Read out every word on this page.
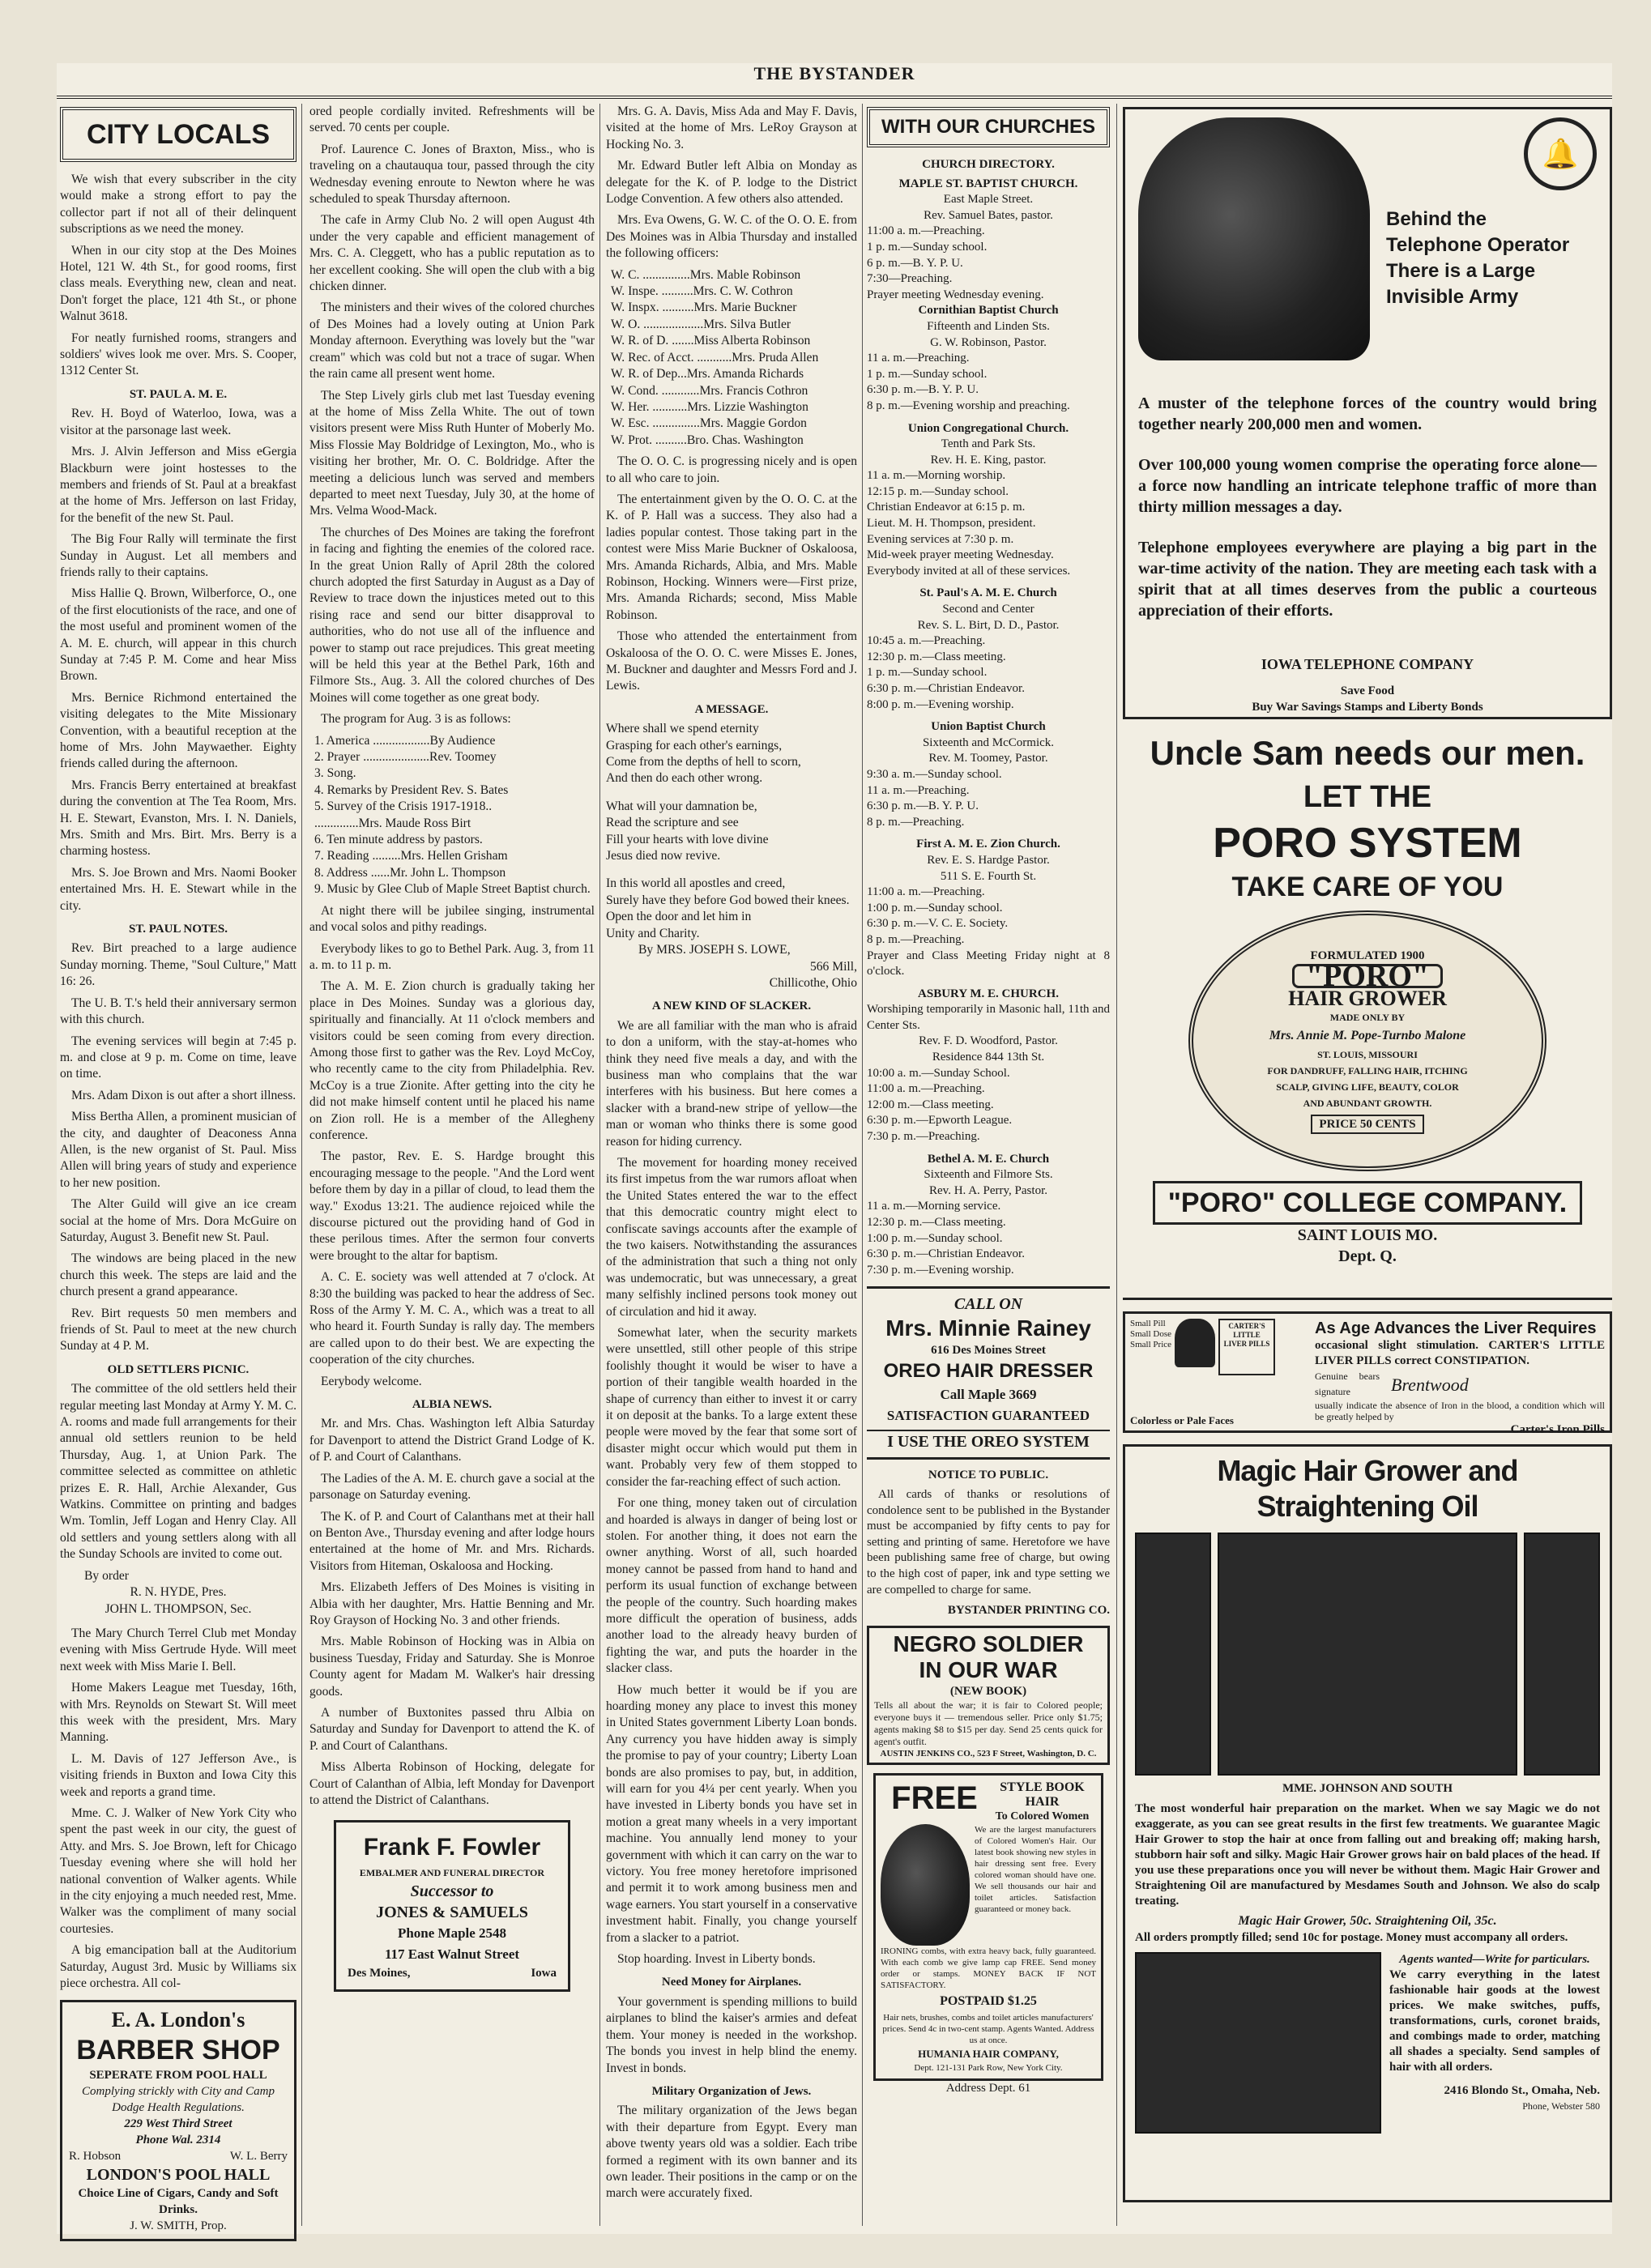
THE BYSTANDER
CITY LOCALS

We wish that every subscriber in the city would make a strong effort to pay the collector part if not all of their delinquent subscriptions as we need the money.

When in our city stop at the Des Moines Hotel, 121 W. 4th St., for good rooms, first class meals. Everything new, clean and neat. Don't forget the place, 121 4th St., or phone Walnut 3618.

For neatly furnished rooms, strangers and soldiers' wives look me over. Mrs. S. Cooper, 1312 Center St.

ST. PAUL A. M. E.

Rev. H. Boyd of Waterloo, Iowa, was a visitor at the parsonage last week.

Mrs. J. Alvin Jefferson and Miss eGergia Blackburn were joint hostesses to the members and friends of St. Paul at a breakfast at the home of Mrs. Jefferson on last Friday, for the benefit of the new St. Paul.

The Big Four Rally will terminate the first Sunday in August. Let all members and friends rally to their captains.

Miss Hallie Q. Brown, Wilberforce, O., one of the first elocutionists of the race, and one of the most useful and prominent women of the A. M. E. church, will appear in this church Sunday at 7:45 P. M. Come and hear Miss Brown.

Mrs. Bernice Richmond entertained the visiting delegates to the Mite Missionary Convention, with a beautiful reception at the home of Mrs. John Maywaether. Eighty friends called during the afternoon.

Mrs. Francis Berry entertained at breakfast during the convention at The Tea Room, Mrs. H. E. Stewart, Evanston, Mrs. I. N. Daniels, Mrs. Smith and Mrs. Birt. Mrs. Berry is a charming hostess.

Mrs. S. Joe Brown and Mrs. Naomi Booker entertained Mrs. H. E. Stewart while in the city.

ST. PAUL NOTES.

Rev. Birt preached to a large audience Sunday morning. Theme, "Soul Culture," Matt 16: 26.

The U. B. T.'s held their anniversary sermon with this church.

The evening services will begin at 7:45 p. m. and close at 9 p. m. Come on time, leave on time.

Mrs. Adam Dixon is out after a short illness.

Miss Bertha Allen, a prominent musician of the city, and daughter of Deaconess Anna Allen, is the new organist of St. Paul. Miss Allen will bring years of study and experience to her new position.

The Alter Guild will give an ice cream social at the home of Mrs. Dora McGuire on Saturday, August 3. Benefit new St. Paul.

The windows are being placed in the new church this week. The steps are laid and the church present a grand appearance.

Rev. Birt requests 50 men members and friends of St. Paul to meet at the new church Sunday at 4 P. M.

OLD SETTLERS PICNIC.

The committee of the old settlers held their regular meeting last Monday at Army Y. M. C. A. rooms and made full arrangements for their annual old settlers reunion to be held Thursday, Aug. 1, at Union Park. The committee selected as committee on athletic prizes E. R. Hall, Archie Alexander, Gus Watkins. Committee on printing and badges Wm. Tomlin, Jeff Logan and Henry Clay. All old settlers and young settlers along with all the Sunday Schools are invited to come out.

By order

R. N. HYDE, Pres.

JOHN L. THOMPSON, Sec.

The Mary Church Terrel Club met Monday evening with Miss Gertrude Hyde. Will meet next week with Miss Marie I. Bell.

Home Makers League met Tuesday, 16th, with Mrs. Reynolds on Stewart St. Will meet this week with the president, Mrs. Mary Manning.

L. M. Davis of 127 Jefferson Ave., is visiting friends in Buxton and Iowa City this week and reports a grand time.

Mme. C. J. Walker of New York City who spent the past week in our city, the guest of Atty. and Mrs. S. Joe Brown, left for Chicago Tuesday evening where she will hold her national convention of Walker agents. While in the city enjoying a much needed rest, Mme. Walker was the compliment of many social courtesies.

A big emancipation ball at the Auditorium Saturday, August 3rd. Music by Williams six piece orchestra. All col-

E. A. London's
BARBER SHOP
SEPERATE FROM POOL HALL
Complying strickly with City and Camp Dodge Health Regulations.
229 West Third Street
Phone Wal. 2314
R. Hobson	W. L. Berry
LONDON'S POOL HALL
Choice Line of Cigars, Candy and Soft Drinks.
J. W. SMITH, Prop.

ored people cordially invited. Refreshments will be served. 70 cents per couple.

Prof. Laurence C. Jones of Braxton, Miss., who is traveling on a chautauqua tour, passed through the city Wednesday evening enroute to Newton where he was scheduled to speak Thursday afternoon.

The cafe in Army Club No. 2 will open August 4th under the very capable and efficient management of Mrs. C. A. Cleggett, who has a public reputation as to her excellent cooking. She will open the club with a big chicken dinner.

The ministers and their wives of the colored churches of Des Moines had a lovely outing at Union Park Monday afternoon. Everything was lovely but the "war cream" which was cold but not a trace of sugar. When the rain came all present went home.

The Step Lively girls club met last Tuesday evening at the home of Miss Zella White. The out of town visitors present were Miss Ruth Hunter of Moberly Mo. Miss Flossie May Boldridge of Lexington, Mo., who is visiting her brother, Mr. O. C. Boldridge. After the meeting a delicious lunch was served and members departed to meet next Tuesday, July 30, at the home of Mrs. Velma Wood-Mack.

The churches of Des Moines are taking the forefront in facing and fighting the enemies of the colored race. In the great Union Rally of April 28th the colored church adopted the first Saturday in August as a Day of Review to trace down the injustices meted out to this rising race and send our bitter disapproval to authorities, who do not use all of the influence and power to stamp out race prejudices. This great meeting will be held this year at the Bethel Park, 16th and Filmore Sts., Aug. 3. All the colored churches of Des Moines will come together as one great body.

The program for Aug. 3 is as follows:

1. America ..................By Audience

2. Prayer .....................Rev. Toomey

3. Song.

4. Remarks by President Rev. S. Bates

5. Survey of the Crisis 1917-1918..

..............Mrs. Maude Ross Birt

6. Ten minute address by pastors.

7. Reading .........Mrs. Hellen Grisham

8. Address ......Mr. John L. Thompson

9. Music by Glee Club of Maple Street Baptist church.

At night there will be jubilee singing, instrumental and vocal solos and pithy readings.

Everybody likes to go to Bethel Park. Aug. 3, from 11 a. m. to 11 p. m.

The A. M. E. Zion church is gradually taking her place in Des Moines. Sunday was a glorious day, spiritually and financially. At 11 o'clock members and visitors could be seen coming from every direction. Among those first to gather was the Rev. Loyd McCoy, who recently came to the city from Philadelphia. Rev. McCoy is a true Zionite. After getting into the city he did not make himself content until he placed his name on Zion roll. He is a member of the Allegheny conference.

The pastor, Rev. E. S. Hardge brought this encouraging message to the people. "And the Lord went before them by day in a pillar of cloud, to lead them the way." Exodus 13:21. The audience rejoiced while the discourse pictured out the providing hand of God in these perilous times. After the sermon four converts were brought to the altar for baptism.

A. C. E. society was well attended at 7 o'clock. At 8:30 the building was packed to hear the address of Sec. Ross of the Army Y. M. C. A., which was a treat to all who heard it. Fourth Sunday is rally day. The members are called upon to do their best. We are expecting the cooperation of the city churches.

Eerybody welcome.

ALBIA NEWS.

Mr. and Mrs. Chas. Washington left Albia Saturday for Davenport to attend the District Grand Lodge of K. of P. and Court of Calanthans.

The Ladies of the A. M. E. church gave a social at the parsonage on Saturday evening.

The K. of P. and Court of Calanthans met at their hall on Benton Ave., Thursday evening and after lodge hours entertained at the home of Mr. and Mrs. Richards. Visitors from Hiteman, Oskaloosa and Hocking.

Mrs. Elizabeth Jeffers of Des Moines is visiting in Albia with her daughter, Mrs. Hattie Benning and Mr. Roy Grayson of Hocking No. 3 and other friends.

Mrs. Mable Robinson of Hocking was in Albia on business Tuesday, Friday and Saturday. She is Monroe County agent for Madam M. Walker's hair dressing goods.

A number of Buxtonites passed thru Albia on Saturday and Sunday for Davenport to attend the K. of P. and Court of Calanthans.

Miss Alberta Robinson of Hocking, delegate for Court of Calanthan of Albia, left Monday for Davenport to attend the District of Calanthans.

Frank F. Fowler
EMBALMER AND FUNERAL DIRECTOR
Successor to
JONES & SAMUELS
Phone Maple 2548
117 East Walnut Street
Des Moines,	Iowa

Mrs. G. A. Davis, Miss Ada and May F. Davis, visited at the home of Mrs. LeRoy Grayson at Hocking No. 3.

Mr. Edward Butler left Albia on Monday as delegate for the K. of P. lodge to the District Lodge Convention. A few others also attended.

Mrs. Eva Owens, G. W. C. of the O. O. E. from Des Moines was in Albia Thursday and installed the following officers:

W. C. ...............Mrs. Mable Robinson

W. Inspe. ..........Mrs. C. W. Cothron

W. Inspx. ..........Mrs. Marie Buckner

W. O. ...................Mrs. Silva Butler

W. R. of D. .......Miss Alberta Robinson

W. Rec. of Acct. ...........Mrs. Pruda Allen

W. R. of Dep...Mrs. Amanda Richards

W. Cond. ............Mrs. Francis Cothron

W. Her. ...........Mrs. Lizzie Washington

W. Esc. ...............Mrs. Maggie Gordon

W. Prot. ..........Bro. Chas. Washington

The O. O. C. is progressing nicely and is open to all who care to join.

The entertainment given by the O. O. C. at the K. of P. Hall was a success. They also had a ladies popular contest. Those taking part in the contest were Miss Marie Buckner of Oskaloosa, Mrs. Amanda Richards, Albia, and Mrs. Mable Robinson, Hocking. Winners were—First prize, Mrs. Amanda Richards; second, Miss Mable Robinson.

Those who attended the entertainment from Oskaloosa of the O. O. C. were Misses E. Jones, M. Buckner and daughter and Messrs Ford and J. Lewis.

A MESSAGE.

Where shall we spend eternity

Grasping for each other's earnings,

Come from the depths of hell to scorn,

And then do each other wrong.

What will your damnation be,

Read the scripture and see

Fill your hearts with love divine

Jesus died now revive.

In this world all apostles and creed,

Surely have they before God bowed their knees.

Open the door and let him in

Unity and Charity.

By MRS. JOSEPH S. LOWE,

566 Mill,

Chillicothe, Ohio

A NEW KIND OF SLACKER.

We are all familiar with the man who is afraid to don a uniform, with the stay-at-homes who think they need five meals a day, and with the business man who complains that the war interferes with his business. But here comes a slacker with a brand-new stripe of yellow—the man or woman who thinks there is some good reason for hiding currency.

The movement for hoarding money received its first impetus from the war rumors afloat when the United States entered the war to the effect that this democratic country might elect to confiscate savings accounts after the example of the two kaisers. Notwithstanding the assurances of the administration that such a thing not only was undemocratic, but was unnecessary, a great many selfishly inclined persons took money out of circulation and hid it away.

Somewhat later, when the security markets were unsettled, still other people of this stripe foolishly thought it would be wiser to have a portion of their tangible wealth hoarded in the shape of currency than either to invest it or carry it on deposit at the banks. To a large extent these people were moved by the fear that some sort of disaster might occur which would put them in want. Probably very few of them stopped to consider the far-reaching effect of such action.

For one thing, money taken out of circulation and hoarded is always in danger of being lost or stolen. For another thing, it does not earn the owner anything. Worst of all, such hoarded money cannot be passed from hand to hand and perform its usual function of exchange between the people of the country. Such hoarding makes more difficult the operation of business, adds another load to the already heavy burden of fighting the war, and puts the hoarder in the slacker class.

How much better it would be if you are hoarding money any place to invest this money in United States government Liberty Loan bonds. Any currency you have hidden away is simply the promise to pay of your country; Liberty Loan bonds are also promises to pay, but, in addition, will earn for you 4¼ per cent yearly. When you have invested in Liberty bonds you have set in motion a great many wheels in a very important machine. You annually lend money to your government with which it can carry on the war to victory. You free money heretofore imprisoned and permit it to work among business men and wage earners. You start yourself in a conservative investment habit. Finally, you change yourself from a slacker to a patriot.

Stop hoarding. Invest in Liberty bonds.

Need Money for Airplanes.

Your government is spending millions to build airplanes to blind the kaiser's armies and defeat them. Your money is needed in the workshop. The bonds you invest in help blind the enemy. Invest in bonds.

Military Organization of Jews.

The military organization of the Jews began with their departure from Egypt. Every man above twenty years old was a soldier. Each tribe formed a regiment with its own banner and its own leader. Their positions in the camp or on the march were accurately fixed.

WITH OUR CHURCHES
CHURCH DIRECTORY.

MAPLE ST. BAPTIST CHURCH.

East Maple Street.

Rev. Samuel Bates, pastor.

11:00 a. m.—Preaching.

1 p. m.—Sunday school.

6 p. m.—B. Y. P. U.

7:30—Preaching.

Prayer meeting Wednesday evening.

Cornithian Baptist Church

Fifteenth and Linden Sts.

G. W. Robinson, Pastor.

11 a. m.—Preaching.

1 p. m.—Sunday school.

6:30 p. m.—B. Y. P. U.

8 p. m.—Evening worship and preaching.

Union Congregational Church.

Tenth and Park Sts.

Rev. H. E. King, pastor.

11 a. m.—Morning worship.

12:15 p. m.—Sunday school.

Christian Endeavor at 6:15 p. m.

Lieut. M. H. Thompson, president.

Evening services at 7:30 p. m.

Mid-week prayer meeting Wednesday.

Everybody invited at all of these services.

St. Paul's A. M. E. Church

Second and Center

Rev. S. L. Birt, D. D., Pastor.

10:45 a. m.—Preaching.

12:30 p. m.—Class meeting.

1 p. m.—Sunday school.

6:30 p. m.—Christian Endeavor.

8:00 p. m.—Evening worship.

Union Baptist Church

Sixteenth and McCormick.

Rev. M. Toomey, Pastor.

9:30 a. m.—Sunday school.

11 a. m.—Preaching.

6:30 p. m.—B. Y. P. U.

8 p. m.—Preaching.

First A. M. E. Zion Church.

Rev. E. S. Hardge Pastor.

511 S. E. Fourth St.

11:00 a. m.—Preaching.

1:00 p. m.—Sunday school.

6:30 p. m.—V. C. E. Society.

8 p. m.—Preaching.

Prayer and Class Meeting Friday night at 8 o'clock.

ASBURY M. E. CHURCH.

Worshiping temporarily in Masonic hall, 11th and Center Sts.

Rev. F. D. Woodford, Pastor.

Residence 844 13th St.

10:00 a. m.—Sunday School.

11:00 a. m.—Preaching.

12:00 m.—Class meeting.

6:30 p. m.—Epworth League.

7:30 p. m.—Preaching.

Bethel A. M. E. Church

Sixteenth and Filmore Sts.

Rev. H. A. Perry, Pastor.

11 a. m.—Morning service.

12:30 p. m.—Class meeting.

1:00 p. m.—Sunday school.

6:30 p. m.—Christian Endeavor.

7:30 p. m.—Evening worship.

CALL ON
Mrs. Minnie Rainey
616 Des Moines Street
OREO HAIR DRESSER
Call Maple 3669
SATISFACTION GUARANTEED
I USE THE OREO SYSTEM
NOTICE TO PUBLIC.

All cards of thanks or resolutions of condolence sent to be published in the Bystander must be accompanied by fifty cents to pay for setting and printing of same. Heretofore we have been publishing same free of charge, but owing to the high cost of paper, ink and type setting we are compelled to charge for same.

BYSTANDER PRINTING CO.

NEGRO SOLDIER
IN OUR WAR
(NEW BOOK)
Tells all about the war; it is fair to Colored people; everyone buys it — tremendous seller. Price only $1.75; agents making $8 to $15 per day. Send 25 cents quick for agent's outfit.
AUSTIN JENKINS CO., 523 F Street, Washington, D. C.
FREE	STYLE BOOK
HAIR
To Colored Women
We are the largest manufacturers of Colored Women's Hair. Our latest book showing new styles in hair dressing sent free. Every colored woman should have one. We sell thousands our hair and toilet articles. Satisfaction guaranteed or money back.
IRONING combs, with extra heavy back, fully guaranteed. With each comb we give lamp cap FREE. Send money order or stamps. MONEY BACK IF NOT SATISFACTORY.
POSTPAID $1.25
Hair nets, brushes, combs and toilet articles manufacturers' prices. Send 4c in two-cent stamp. Agents Wanted. Address us at once.
HUMANIA HAIR COMPANY,
Dept. 121-131 Park Row, New York City.

Address Dept. 61

🔔
Behind the
Telephone Operator
There is a Large
Invisible Army
A muster of the telephone forces of the country would bring together nearly 200,000 men and women.
Over 100,000 young women comprise the operating force alone—a force now handling an intricate telephone traffic of more than thirty million messages a day.
Telephone employees everywhere are playing a big part in the war-time activity of the nation. They are meeting each task with a spirit that at all times deserves from the public a courteous appreciation of their efforts.
IOWA TELEPHONE COMPANY
Save Food
Buy War Savings Stamps and Liberty Bonds
Uncle Sam needs our men.
LET THE
PORO SYSTEM
TAKE CARE OF YOU
FORMULATED 1900
"PORO"
HAIR GROWER
MADE ONLY BY
Mrs. Annie M. Pope-Turnbo Malone
ST. LOUIS, MISSOURI
FOR DANDRUFF, FALLING HAIR, ITCHING
SCALP, GIVING LIFE, BEAUTY, COLOR
AND ABUNDANT GROWTH.
PRICE 50 CENTS
"PORO" COLLEGE COMPANY.
SAINT LOUIS MO.
Dept. Q.
Small Pill
Small Dose
Small Price
CARTER'S LITTLE LIVER PILLS
Colorless or Pale Faces
As Age Advances the Liver Requires
occasional slight stimulation. CARTER'S LITTLE LIVER PILLS correct CONSTIPATION.
Genuine bears signature	Brentwood
usually indicate the absence of Iron in the blood, a condition which will be greatly helped by
Carter's Iron Pills
Magic Hair Grower and Straightening Oil
MME. JOHNSON AND SOUTH
The most wonderful hair preparation on the market. When we say Magic we do not exaggerate, as you can see great results in the first few treatments. We guarantee Magic Hair Grower to stop the hair at once from falling out and breaking off; making harsh, stubborn hair soft and silky. Magic Hair Grower grows hair on bald places of the head. If you use these preparations once you will never be without them. Magic Hair Grower and Straightening Oil are manufactured by Mesdames South and Johnson. We also do scalp treating.
Magic Hair Grower, 50c. Straightening Oil, 35c.
All orders promptly filled; send 10c for postage. Money must accompany all orders.
Agents wanted—Write for particulars.
We carry everything in the latest fashionable hair goods at the lowest prices. We make switches, puffs, transformations, curls, coronet braids, and combings made to order, matching all shades a specialty. Send samples of hair with all orders.
2416 Blondo St., Omaha, Neb.
Phone, Webster 580
